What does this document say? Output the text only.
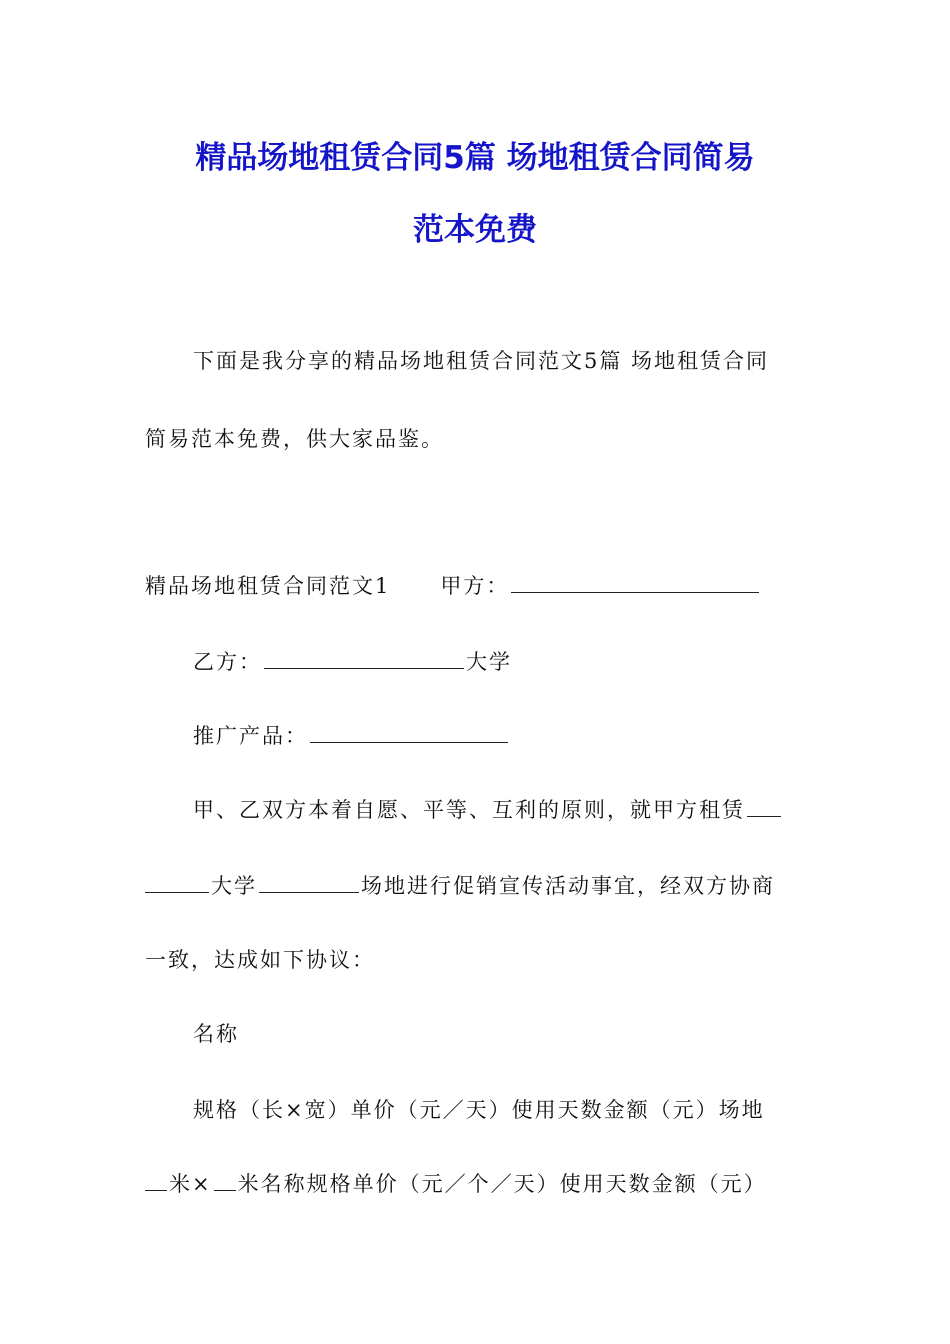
精品场地租赁合同5篇 场地租赁合同简易
范本免费

下面是我分享的精品场地租赁合同范文5篇 场地租赁合同

简易范本免费，供大家品鉴。

精品场地租赁合同范文1 甲方：

乙方：	大学

推广产品：

甲、乙双方本着自愿、平等、互利的原则，就甲方租赁

大学	场地进行促销宣传活动事宜，经双方协商

一致，达成如下协议：

名称

规格（长×宽）单价（元／天）使用天数金额（元）场地

米× 米名称规格单价（元／个／天）使用天数金额（元）
